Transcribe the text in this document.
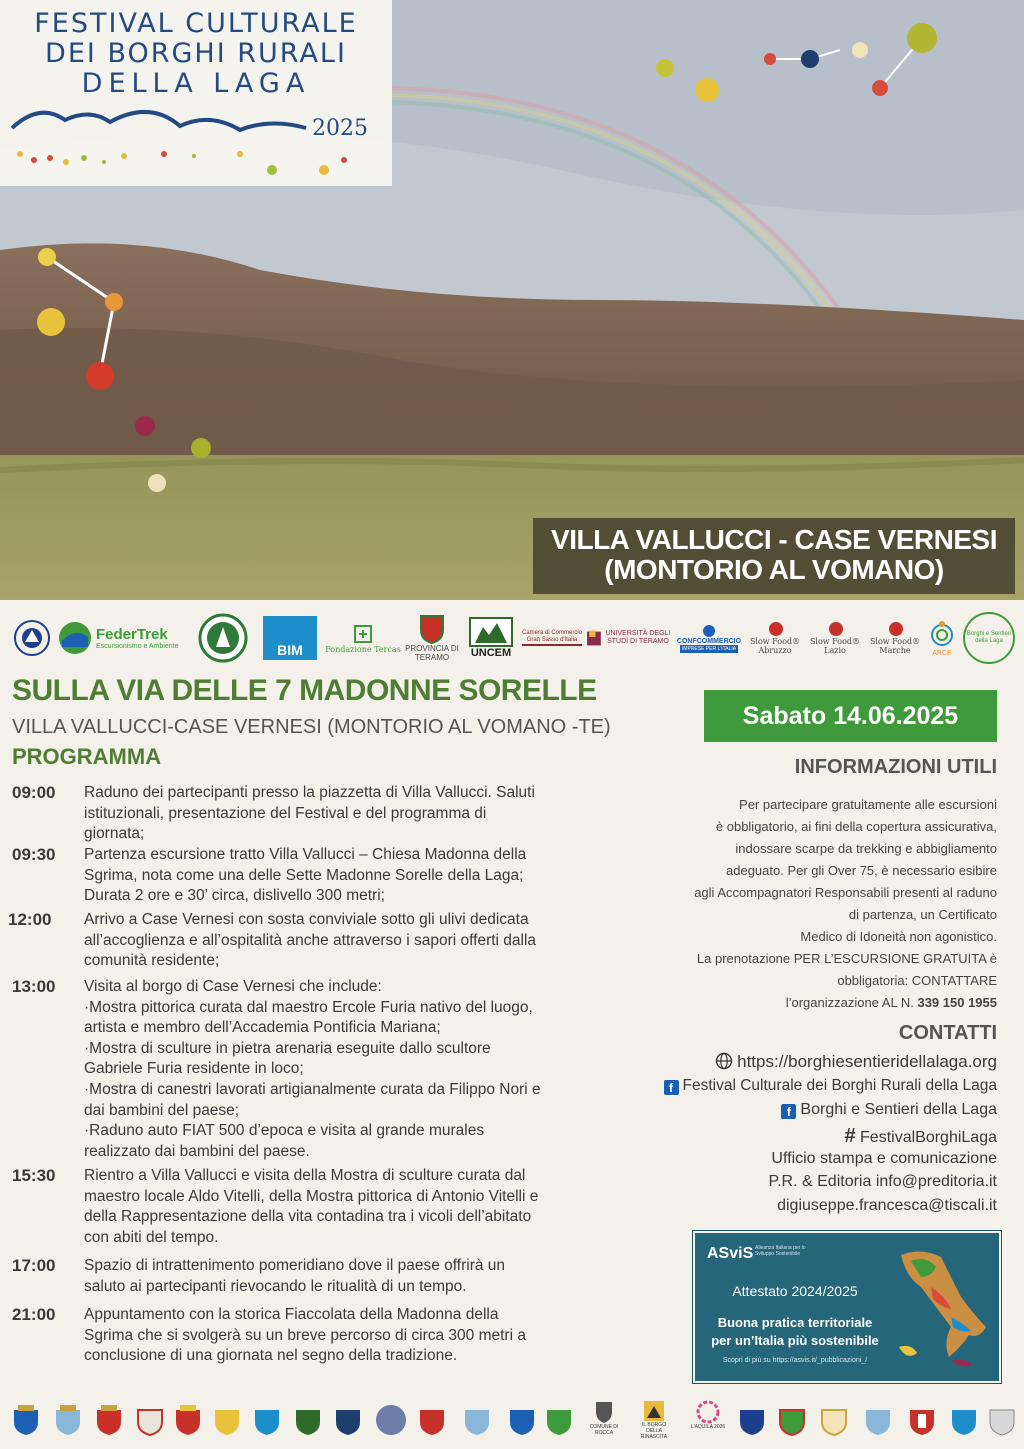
FESTIVAL CULTURALE
DEI BORGHI RURALI
DELLA LAGA
2025
VILLA VALLUCCI - CASE VERNESI
(MONTORIO AL VOMANO)
FederTrek
Escursionismo e Ambiente	BIM	Fondazione Tercas PROVINCIA DI TERAMO	UNCEM
Camera di Commercio Gran Sasso d'Italia
UNIVERSITÀ DEGLI STUDI DI TERAMO	CONFCOMMERCIO
IMPRESE PER L'ITALIA
Slow Food® Abruzzo
Slow Food® Lazio
Slow Food® Marche	ARCE
Borghi e Sentieri della Laga
SULLA VIA DELLE 7 MADONNE SORELLE
VILLA VALLUCCI-CASE VERNESI (MONTORIO AL VOMANO -TE)
PROGRAMMA
09:00 Raduno dei partecipanti presso la piazzetta di Villa Vallucci. Saluti
istituzionali, presentazione del Festival e del programma di
giornata;
09:30 Partenza escursione tratto Villa Vallucci – Chiesa Madonna della
Sgrima, nota come una delle Sette Madonne Sorelle della Laga;
Durata 2 ore e 30’ circa, dislivello 300 metri;
12:00 Arrivo a Case Vernesi con sosta conviviale sotto gli ulivi dedicata
all’accoglienza e all’ospitalità anche attraverso i sapori offerti dalla
comunità residente;
13:00 Visita al borgo di Case Vernesi che include:
·Mostra pittorica curata dal maestro Ercole Furia nativo del luogo,
artista e membro dell’Accademia Pontificia Mariana;
·Mostra di sculture in pietra arenaria eseguite dallo scultore
Gabriele Furia residente in loco;
·Mostra di canestri lavorati artigianalmente curata da Filippo Nori e
dai bambini del paese;
·Raduno auto FIAT 500 d’epoca e visita al grande murales
realizzato dai bambini del paese.
15:30 Rientro a Villa Vallucci e visita della Mostra di sculture curata dal
maestro locale Aldo Vitelli, della Mostra pittorica di Antonio Vitelli e
della Rappresentazione della vita contadina tra i vicoli dell’abitato
con abiti del tempo.
17:00 Spazio di intrattenimento pomeridiano dove il paese offrirà un
saluto ai partecipanti rievocando le ritualità di un tempo.
21:00 Appuntamento con la storica Fiaccolata della Madonna della
Sgrima che si svolgerà su un breve percorso di circa 300 metri a
conclusione di una giornata nel segno della tradizione.
Sabato 14.06.2025
INFORMAZIONI UTILI
Per partecipare gratuitamente alle escursioni
è obbligatorio, ai fini della copertura assicurativa,
indossare scarpe da trekking e abbigliamento
adeguato. Per gli Over 75, è necessario esibire
agli Accompagnatori Responsabili presenti al raduno
di partenza, un Certificato
Medico di Idoneità non agonistico.
La prenotazione PER L’ESCURSIONE GRATUITA è
obbligatoria: CONTATTARE
l’organizzazione AL N. 339 150 1955
CONTATTI
https://borghiesentieridellalaga.org
f Festival Culturale dei Borghi Rurali della Laga
f Borghi e Sentieri della Laga
# FestivalBorghiLaga
Ufficio stampa e comunicazione
P.R. & Editoria info@preditoria.it
digiuseppe.francesca@tiscali.it
ASviS Alleanza Italiana per lo Sviluppo Sostenibile
Attestato 2024/2025
Buona pratica territoriale
per un’Italia più sostenibile
Scopri di più su https://asvis.it/_pubblicazioni_/
COMUNE DI ROCCA
IL BORGO DELLA RINASCITA
L'AQUILA 2026
